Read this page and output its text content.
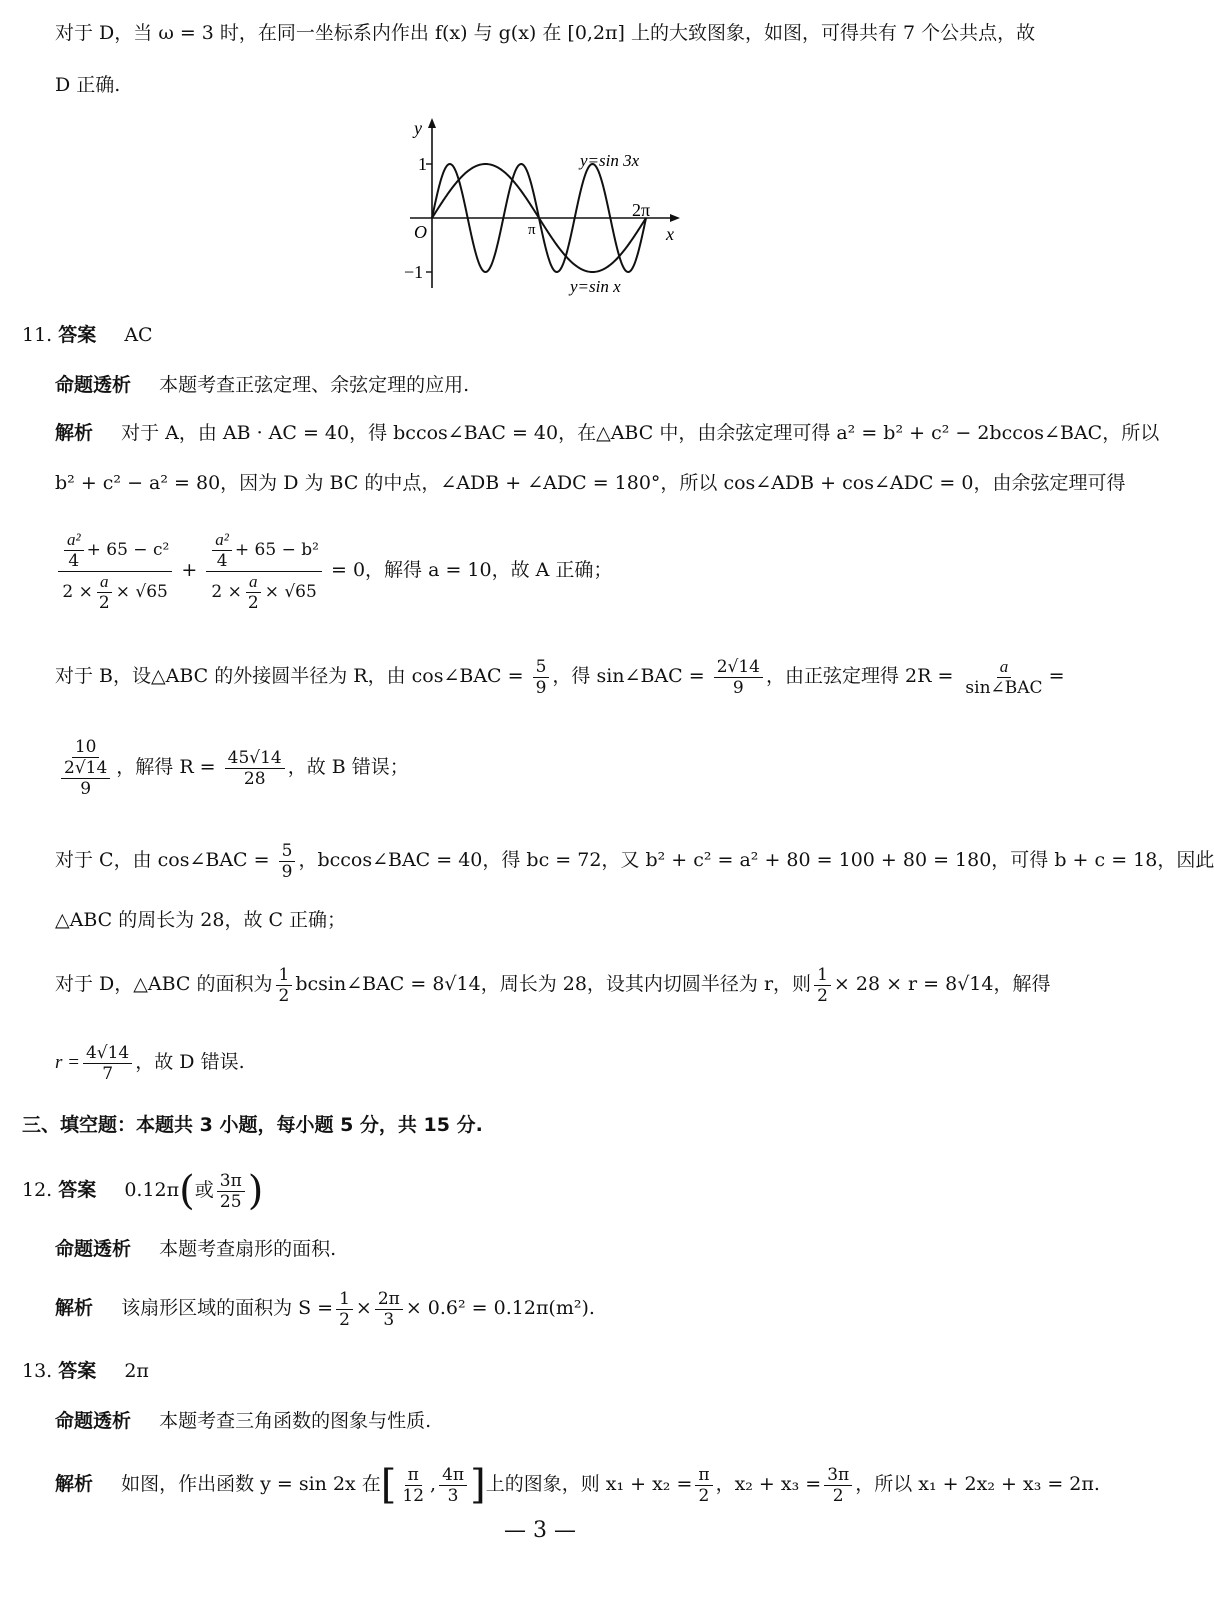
对于 D，当 ω = 3 时，在同一坐标系内作出 f(x) 与 g(x) 在 [0,2π] 上的大致图象，如图，可得共有 7 个公共点，故
D 正确.
y
x
O
1
−1
π
2π
y=sin 3x
y=sin x
11. 答案 AC
命题透析 本题考查正弦定理、余弦定理的应用.
解析 对于 A，由 AB · AC = 40，得 bccos∠BAC = 40，在△ABC 中，由余弦定理可得 a² = b² + c² − 2bccos∠BAC，所以
b² + c² − a² = 80，因为 D 为 BC 的中点，∠ADB + ∠ADC = 180°，所以 cos∠ADB + cos∠ADC = 0，由余弦定理可得
$\frac{\frac{\text{a²}}{4} + 65 - c^2}{2 \times \frac{a}{2} \times √65} + \frac{\frac{\text{a²}}{4} + 65 - b^2}{2 \times \frac{a}{2} \times √65} = 0$，解得 a = 10，故 A 正确；
对于 B，设△ABC 的外接圆半径为 R，由 cos∠BAC = $\frac{5}{9}$ ，得 sin∠BAC = $\frac{2√14}{9}$ ，由正弦定理得 $2R = \frac{a}{\text{sin∠BAC}}$ =
$\frac{10}{\frac{2√14}{9}}$ ，解得 $R = \frac{45√14}{28}$ ，故 B 错误；
对于 C，由 cos∠BAC = $\frac{5}{9}$ ，bccos∠BAC = 40，得 bc = 72，又 b² + c² = a² + 80 = 100 + 80 = 180，可得 b + c = 18，因此
△ABC 的周长为 28，故 C 正确；
对于 D，△ABC 的面积为 $\frac{1}{2}$ bcsin∠BAC = 8√14，周长为 28，设其内切圆半径为 r，则 $\frac{1}{2} \times 28 \times r = 8√14$，解得
$r = \frac{4√14}{7}$ ，故 D 错误.
三、填空题：本题共 3 小题，每小题 5 分，共 15 分.
12. 答案 0.12π(或 $\frac{3\pi}{25}$ )
命题透析 本题考查扇形的面积.
解析 该扇形区域的面积为 $S = \frac{1}{2} \times \frac{2\pi}{3} \times 0.6^2 = 0.12\pi(m^2)$.
13. 答案 2π
命题透析 本题考查三角函数的图象与性质.
解析 如图，作出函数 y = sin 2x 在[ $\frac{\pi}{12}$ , $\frac{4\pi}{3}$ ]上的图象，则 $x_1 + x_2 = \frac{\pi}{2}$ ，$x_2 + x_3 = \frac{3\pi}{2}$ ，所以 x₁ + 2x₂ + x₃ = 2π.
— 3 —
